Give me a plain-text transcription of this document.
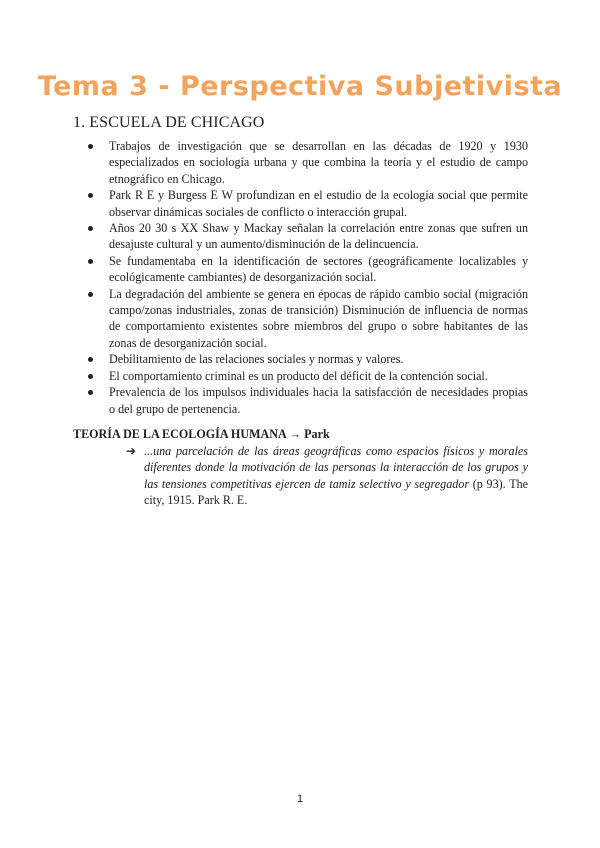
Tema 3 - Perspectiva Subjetivista
1. ESCUELA DE CHICAGO
Trabajos de investigación que se desarrollan en las décadas de 1920 y 1930 especializados en sociología urbana y que combina la teoría y el estudio de campo etnográfico en Chicago.
Park R E y Burgess E W profundizan en el estudio de la ecología social que permite observar dinámicas sociales de conflicto o interacción grupal.
Años 20 30 s XX Shaw y Mackay señalan la correlación entre zonas que sufren un desajuste cultural y un aumento/disminución de la delincuencia.
Se fundamentaba en la identificación de sectores (geográficamente localizables y ecológicamente cambiantes) de desorganización social.
La degradación del ambiente se genera en épocas de rápido cambio social (migración campo/zonas industriales, zonas de transición) Disminución de influencia de normas de comportamiento existentes sobre miembros del grupo o sobre habitantes de las zonas de desorganización social.
Debilitamiento de las relaciones sociales y normas y valores.
El comportamiento criminal es un producto del déficit de la contención social.
Prevalencia de los impulsos individuales hacia la satisfacción de necesidades propias o del grupo de pertenencia.
TEORÍA DE LA ECOLOGÍA HUMANA → Park
➔ ...una parcelación de las áreas geográficas como espacios físicos y morales diferentes donde la motivación de las personas la interacción de los grupos y las tensiones competitivas ejercen de tamiz selectivo y segregador (p 93). The city, 1915. Park R. E.
1
